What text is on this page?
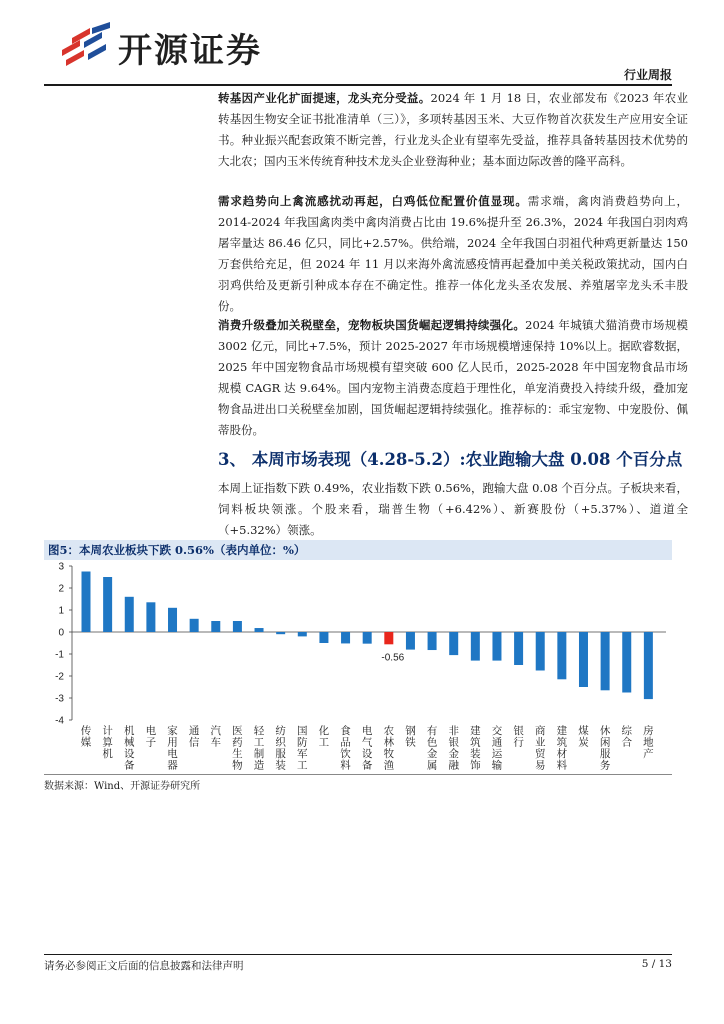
开源证券
行业周报

转基因产业化扩面提速，龙头充分受益。2024 年 1 月 18 日，农业部发布《2023 年农业转基因生物安全证书批准清单（三）》，多项转基因玉米、大豆作物首次获发生产应用安全证书。种业振兴配套政策不断完善，行业龙头企业有望率先受益，推荐具备转基因技术优势的大北农；国内玉米传统育种技术龙头企业登海种业；基本面边际改善的隆平高科。

需求趋势向上禽流感扰动再起，白鸡低位配置价值显现。需求端，禽肉消费趋势向上，2014-2024 年我国禽肉类中禽肉消费占比由 19.6%提升至 26.3%，2024 年我国白羽肉鸡屠宰量达 86.46 亿只，同比+2.57%。供给端，2024 全年我国白羽祖代种鸡更新量达 150 万套供给充足，但 2024 年 11 月以来海外禽流感疫情再起叠加中美关税政策扰动，国内白羽鸡供给及更新引种成本存在不确定性。推荐一体化龙头圣农发展、养殖屠宰龙头禾丰股份。

消费升级叠加关税壁垒，宠物板块国货崛起逻辑持续强化。2024 年城镇犬猫消费市场规模 3002 亿元，同比+7.5%，预计 2025-2027 年市场规模增速保持 10%以上。据欧睿数据，2025 年中国宠物食品市场规模有望突破 600 亿人民币，2025-2028 年中国宠物食品市场规模 CAGR 达 9.64%。国内宠物主消费态度趋于理性化，单宠消费投入持续升级，叠加宠物食品进出口关税壁垒加剧，国货崛起逻辑持续强化。推荐标的：乖宝宠物、中宠股份、佩蒂股份。

3、 本周市场表现（4.28-5.2）:农业跑输大盘 0.08 个百分点

本周上证指数下跌 0.49%，农业指数下跌 0.56%，跑输大盘 0.08 个百分点。子板块来看，饲料板块领涨。个股来看，瑞普生物（+6.42%）、新赛股份（+5.37%）、道道全（+5.32%）领涨。

图5：本周农业板块下跌 0.56%（表内单位：%）
-4
-3
-2
-1
0
1
2
3
传
媒
计
算
机
机
械
设
备
电
子
家
用
电
器
通
信
汽
车
医
药
生
物
轻
工
制
造
纺
织
服
装
国
防
军
工
化
工
食
品
饮
料
电
气
设
备
农
林
牧
渔
-0.56
钢
铁
有
色
金
属
非
银
金
融
建
筑
装
饰
交
通
运
输
银
行
商
业
贸
易
建
筑
材
料
煤
炭
休
闲
服
务
综
合
房
地
产
数据来源：Wind、开源证券研究所
请务必参阅正文后面的信息披露和法律声明	5 / 13
